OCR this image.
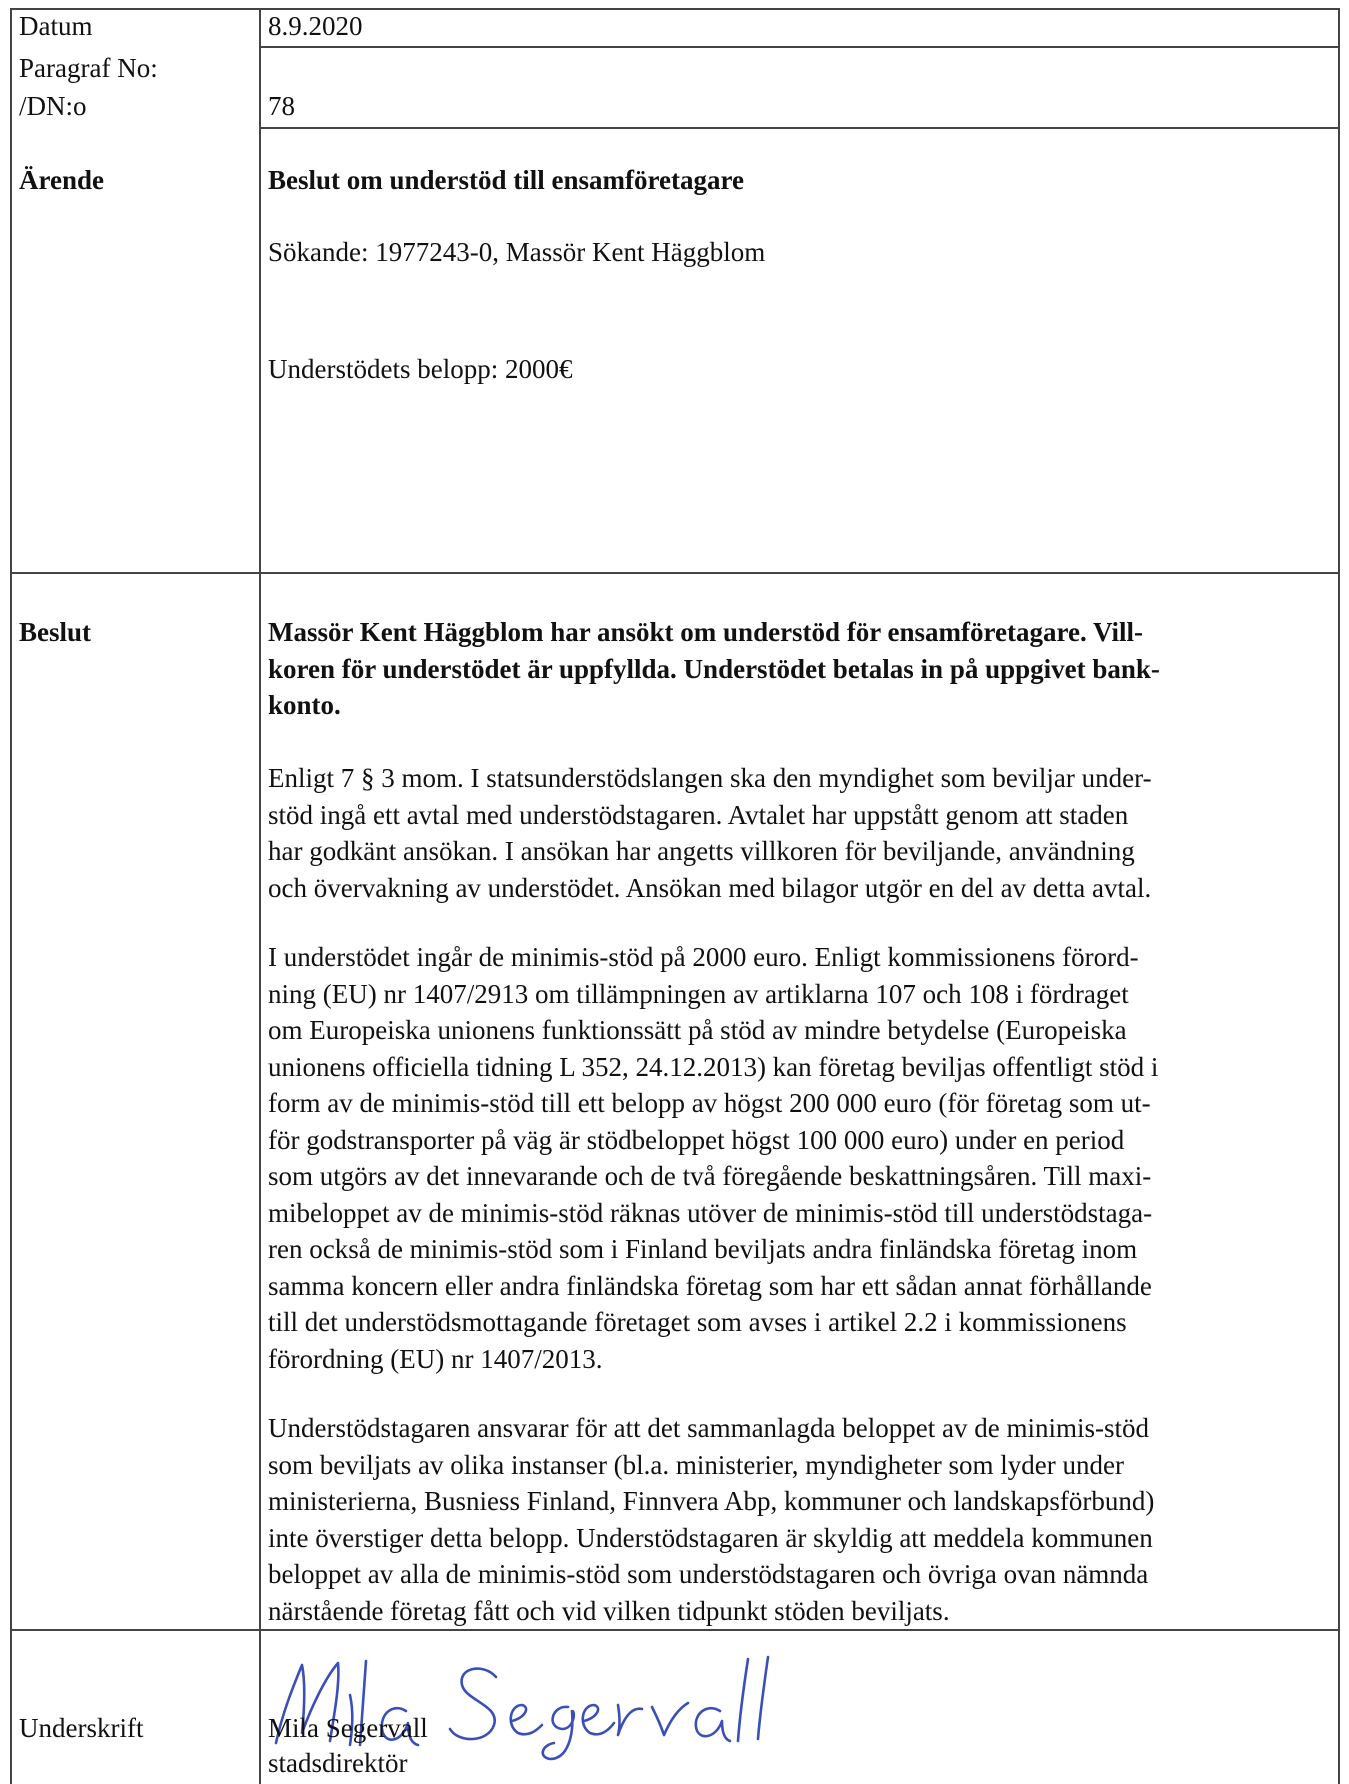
Datum	8.9.2020
Paragraf No:
/DN:o	78
Ärende	Beslut om understöd till ensamföretagare
Sökande: 1977243-0, Massör Kent Häggblom
Understödets belopp: 2000€
Beslut	Massör Kent Häggblom har ansökt om understöd för ensamföretagare. Vill-
koren för understödet är uppfyllda. Understödet betalas in på uppgivet bank-
konto.
Enligt 7 § 3 mom. I statsunderstödslangen ska den myndighet som beviljar under-
stöd ingå ett avtal med understödstagaren. Avtalet har uppstått genom att staden
har godkänt ansökan. I ansökan har angetts villkoren för beviljande, användning
och övervakning av understödet. Ansökan med bilagor utgör en del av detta avtal.
I understödet ingår de minimis-stöd på 2000 euro. Enligt kommissionens förord-
ning (EU) nr 1407/2913 om tillämpningen av artiklarna 107 och 108 i fördraget
om Europeiska unionens funktionssätt på stöd av mindre betydelse (Europeiska
unionens officiella tidning L 352, 24.12.2013) kan företag beviljas offentligt stöd i
form av de minimis-stöd till ett belopp av högst 200 000 euro (för företag som ut-
för godstransporter på väg är stödbeloppet högst 100 000 euro) under en period
som utgörs av det innevarande och de två föregående beskattningsåren. Till maxi-
mibeloppet av de minimis-stöd räknas utöver de minimis-stöd till understödstaga-
ren också de minimis-stöd som i Finland beviljats andra finländska företag inom
samma koncern eller andra finländska företag som har ett sådan annat förhållande
till det understödsmottagande företaget som avses i artikel 2.2 i kommissionens
förordning (EU) nr 1407/2013.
Understödstagaren ansvarar för att det sammanlagda beloppet av de minimis-stöd
som beviljats av olika instanser (bl.a. ministerier, myndigheter som lyder under
ministerierna, Busniess Finland, Finnvera Abp, kommuner och landskapsförbund)
inte överstiger detta belopp. Understödstagaren är skyldig att meddela kommunen
beloppet av alla de minimis-stöd som understödstagaren och övriga ovan nämnda
närstående företag fått och vid vilken tidpunkt stöden beviljats.
Underskrift	Mila Segervall
stadsdirektör
